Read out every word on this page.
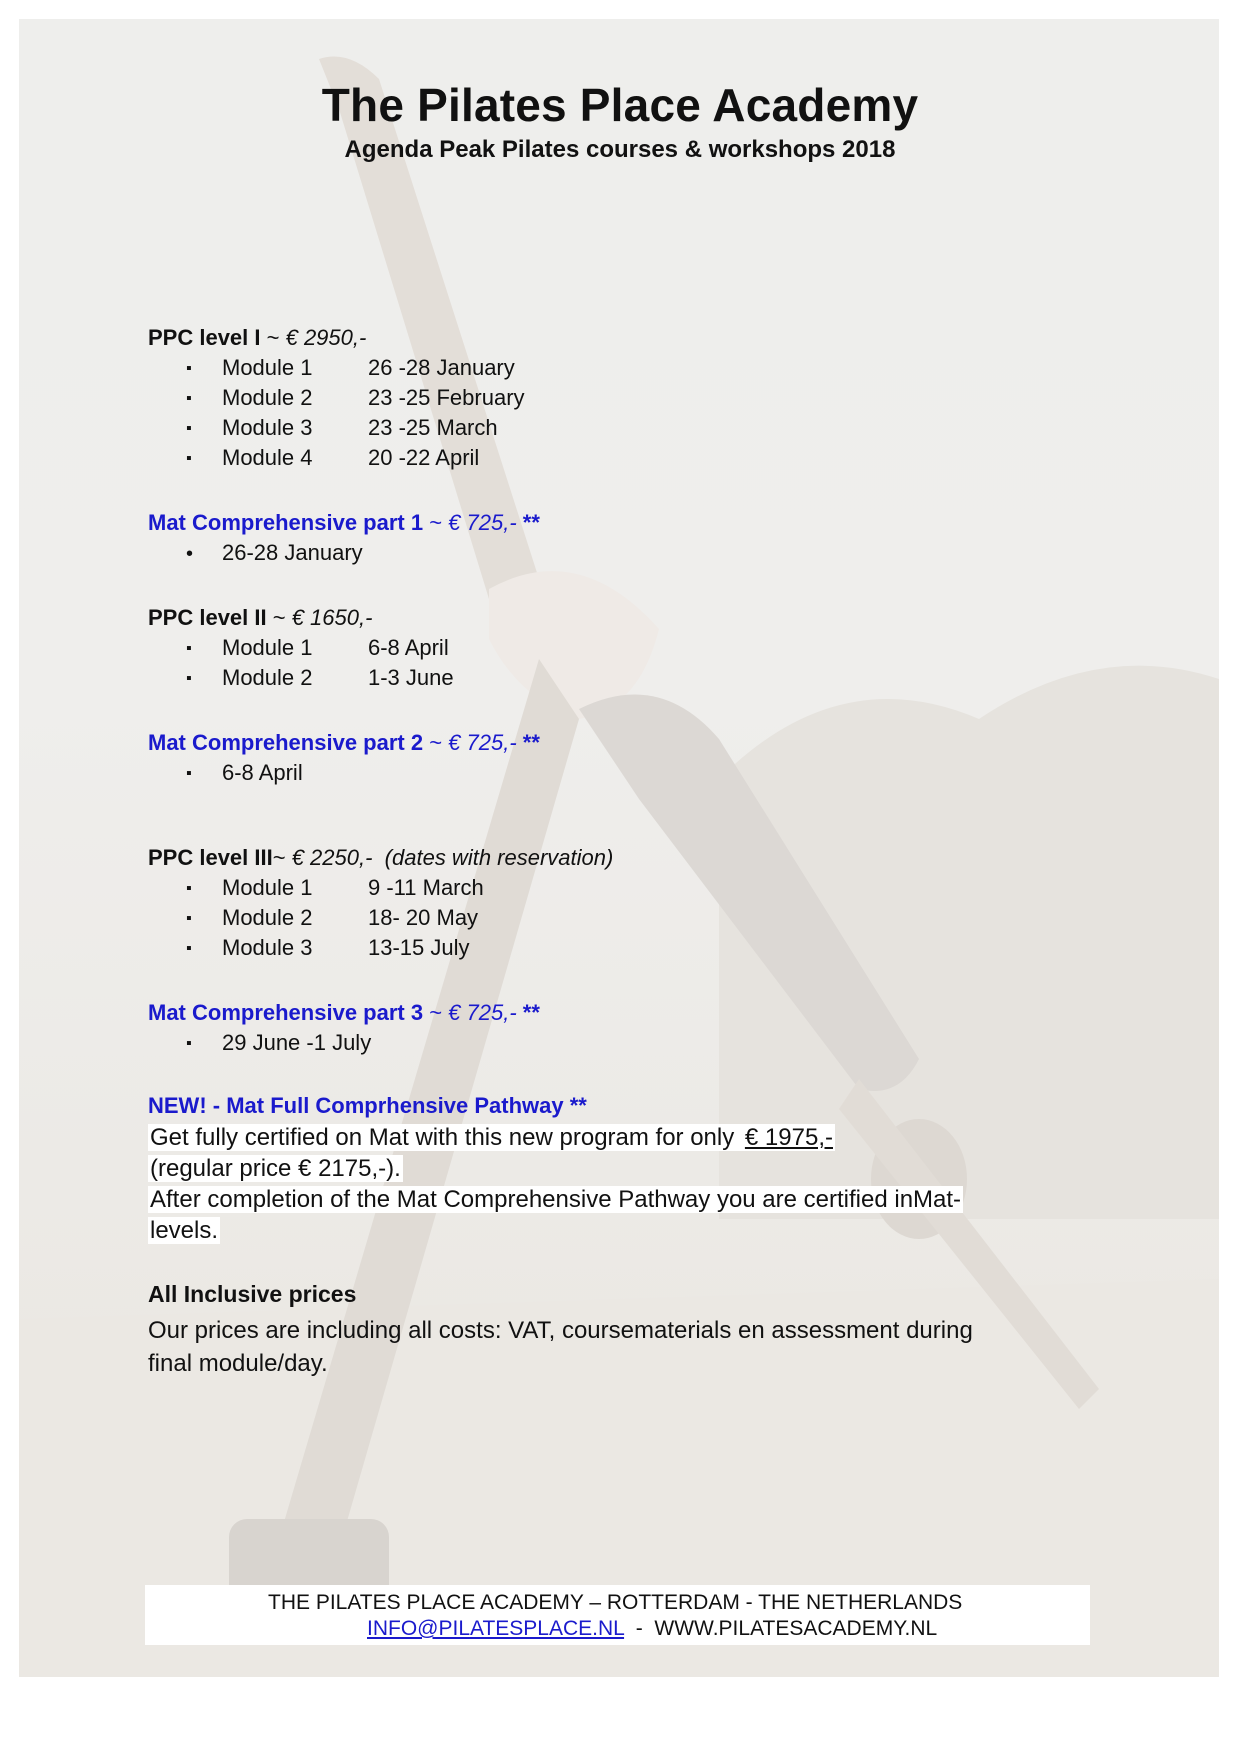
The Pilates Place Academy
Agenda Peak Pilates courses & workshops 2018
PPC level I ~ € 2950,-
▪ Module 1	26 -28 January
▪ Module 2	23 -25 February
▪ Module 3	23 -25 March
▪ Module 4	20 -22 April
Mat Comprehensive part 1 ~ € 725,- **
• 26-28 January
PPC level II ~ € 1650,-
▪ Module 1	6-8 April
▪ Module 2	1-3 June
Mat Comprehensive part 2 ~ € 725,- **
▪ 6-8 April
PPC level III~ € 2250,- (dates with reservation)
▪ Module 1	9 -11 March
▪ Module 2	18- 20 May
▪ Module 3	13-15 July
Mat Comprehensive part 3 ~ € 725,- **
▪ 29 June -1 July
NEW! - Mat Full Comprhensive Pathway **
Get fully certified on Mat with this new program for only € 1975,-
(regular price € 2175,-).
After completion of the Mat Comprehensive Pathway you are certified inMat-
levels.
All Inclusive prices
Our prices are including all costs: VAT, coursematerials en assessment during
final module/day.
THE PILATES PLACE ACADEMY – ROTTERDAM - THE NETHERLANDS
INFO@PILATESPLACE.NL  -  WWW.PILATESACADEMY.NL
